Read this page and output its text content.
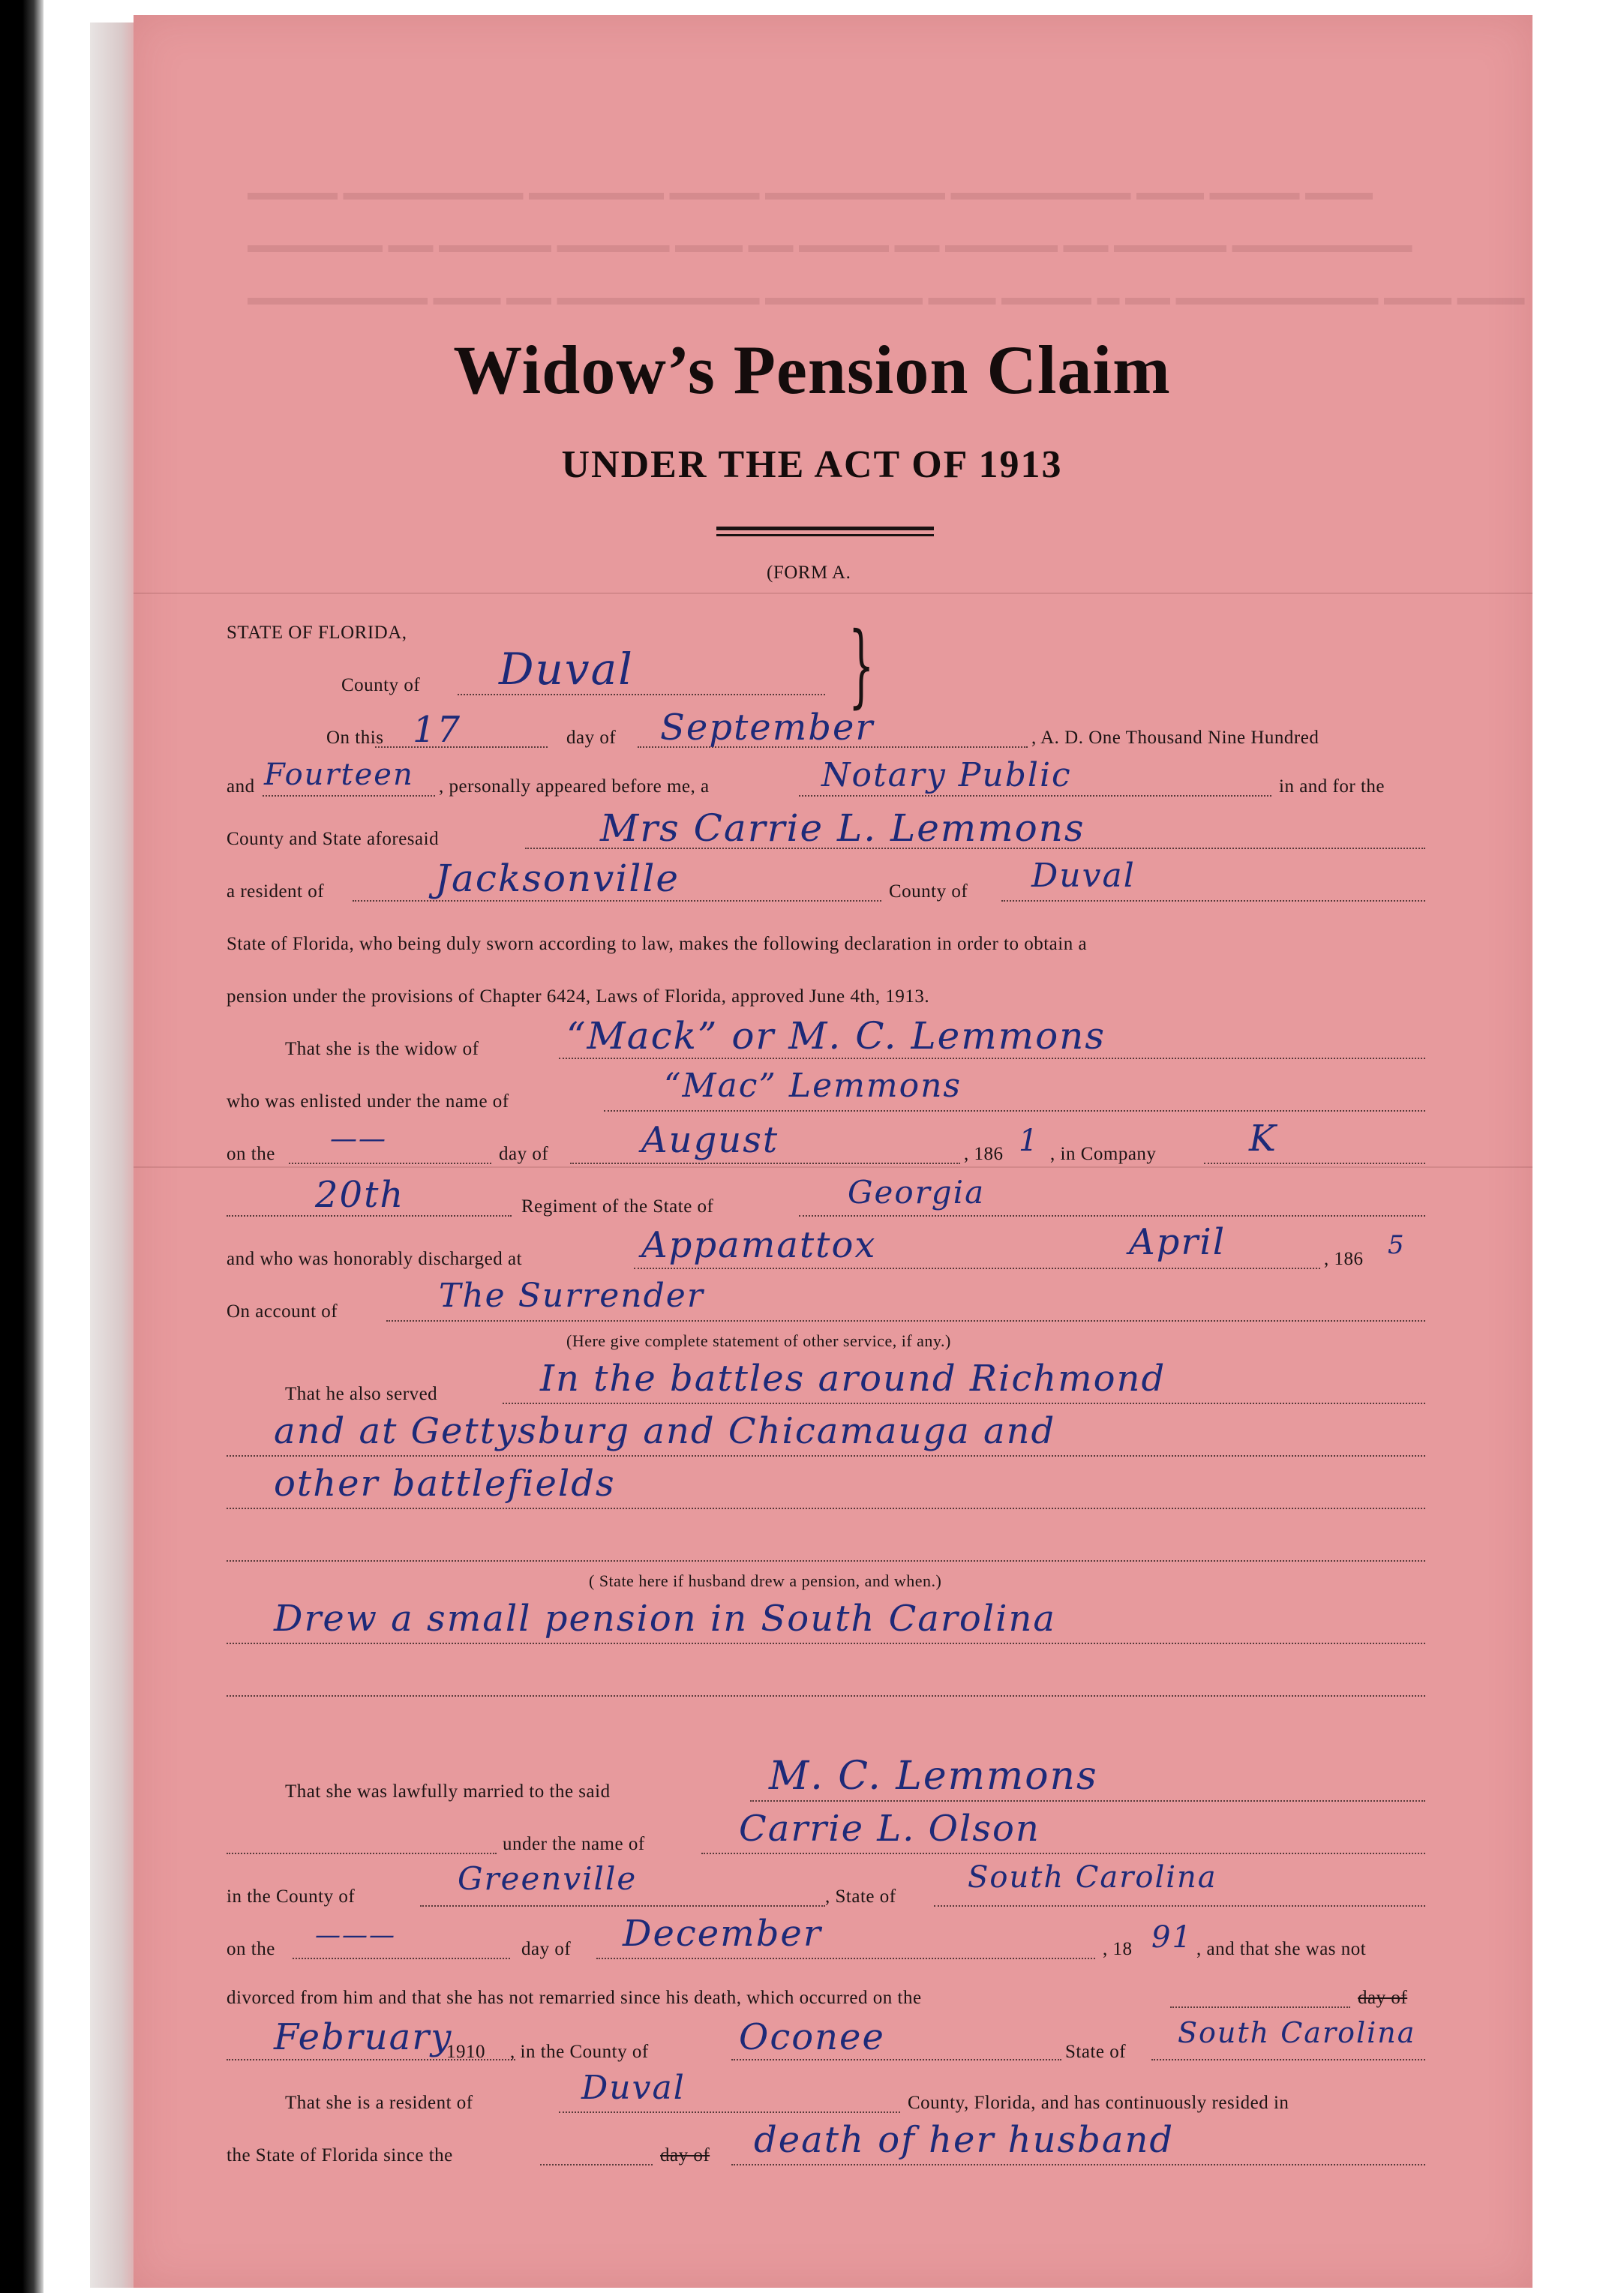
▬▬▬ ▬▬▬▬ ▬▬▬ ▬▬▬▬▬▬▬▬ ▬▬▬▬▬▬▬▬ ▬▬▬▬ ▬▬▬▬▬▬ ▬▬▬▬▬▬▬▬ ▬▬▬▬
▬▬▬▬▬▬▬▬ ▬▬▬▬▬ ▬▬ ▬▬▬▬▬ ▬▬ ▬▬▬▬ ▬▬ ▬▬▬ ▬▬▬▬▬ ▬▬▬▬▬ ▬▬ ▬▬▬▬▬▬
▬▬▬ ▬▬▬ ▬▬▬▬▬▬▬▬▬ ▬▬ ▬ ▬▬▬▬ ▬▬▬ ▬▬▬▬▬▬▬ ▬▬▬▬▬▬▬▬▬ ▬▬ ▬▬▬ ▬▬▬▬▬▬▬▬
Widow’s Pension Claim
UNDER THE ACT OF 1913
(FORM A.
STATE OF FLORIDA,
County of Duval }
On this 17	day of September	, A. D. One Thousand Nine Hundred
and Fourteen , personally appeared before me, a	Notary Public	in and for the
County and State aforesaid	Mrs Carrie L. Lemmons
a resident of	Jacksonville	County of Duval
State of Florida, who being duly sworn according to law, makes the following declaration in order to obtain a
pension under the provisions of Chapter 6424, Laws of Florida, approved June 4th, 1913.
That she is the widow of “Mack” or M. C. Lemmons
who was enlisted under the name of	“Mac” Lemmons
on the ——	day of	August	, 186 1 , in Company	K
20th	Regiment of the State of	Georgia
and who was honorably discharged at	Appamattox	April	, 186 5
On account of	The Surrender
(Here give complete statement of other service, if any.)
That he also served	In the battles around Richmond
and at Gettysburg and Chicamauga and
other battlefields
( State here if husband drew a pension, and when.)
Drew a small pension in South Carolina
That she was lawfully married to the said	M. C. Lemmons
under the name of	Carrie L. Olson
in the County of	Greenville	, State of
South Carolina
on the ———	day of December	, 18 91 , and that she was not
divorced from him and that she has not remarried since his death, which occurred on the	day of
February
1910 , in the County of	Oconee	State of
South Carolina
That she is a resident of	Duval	County, Florida, and has continuously resided in
the State of Florida since the	day of death of her husband
